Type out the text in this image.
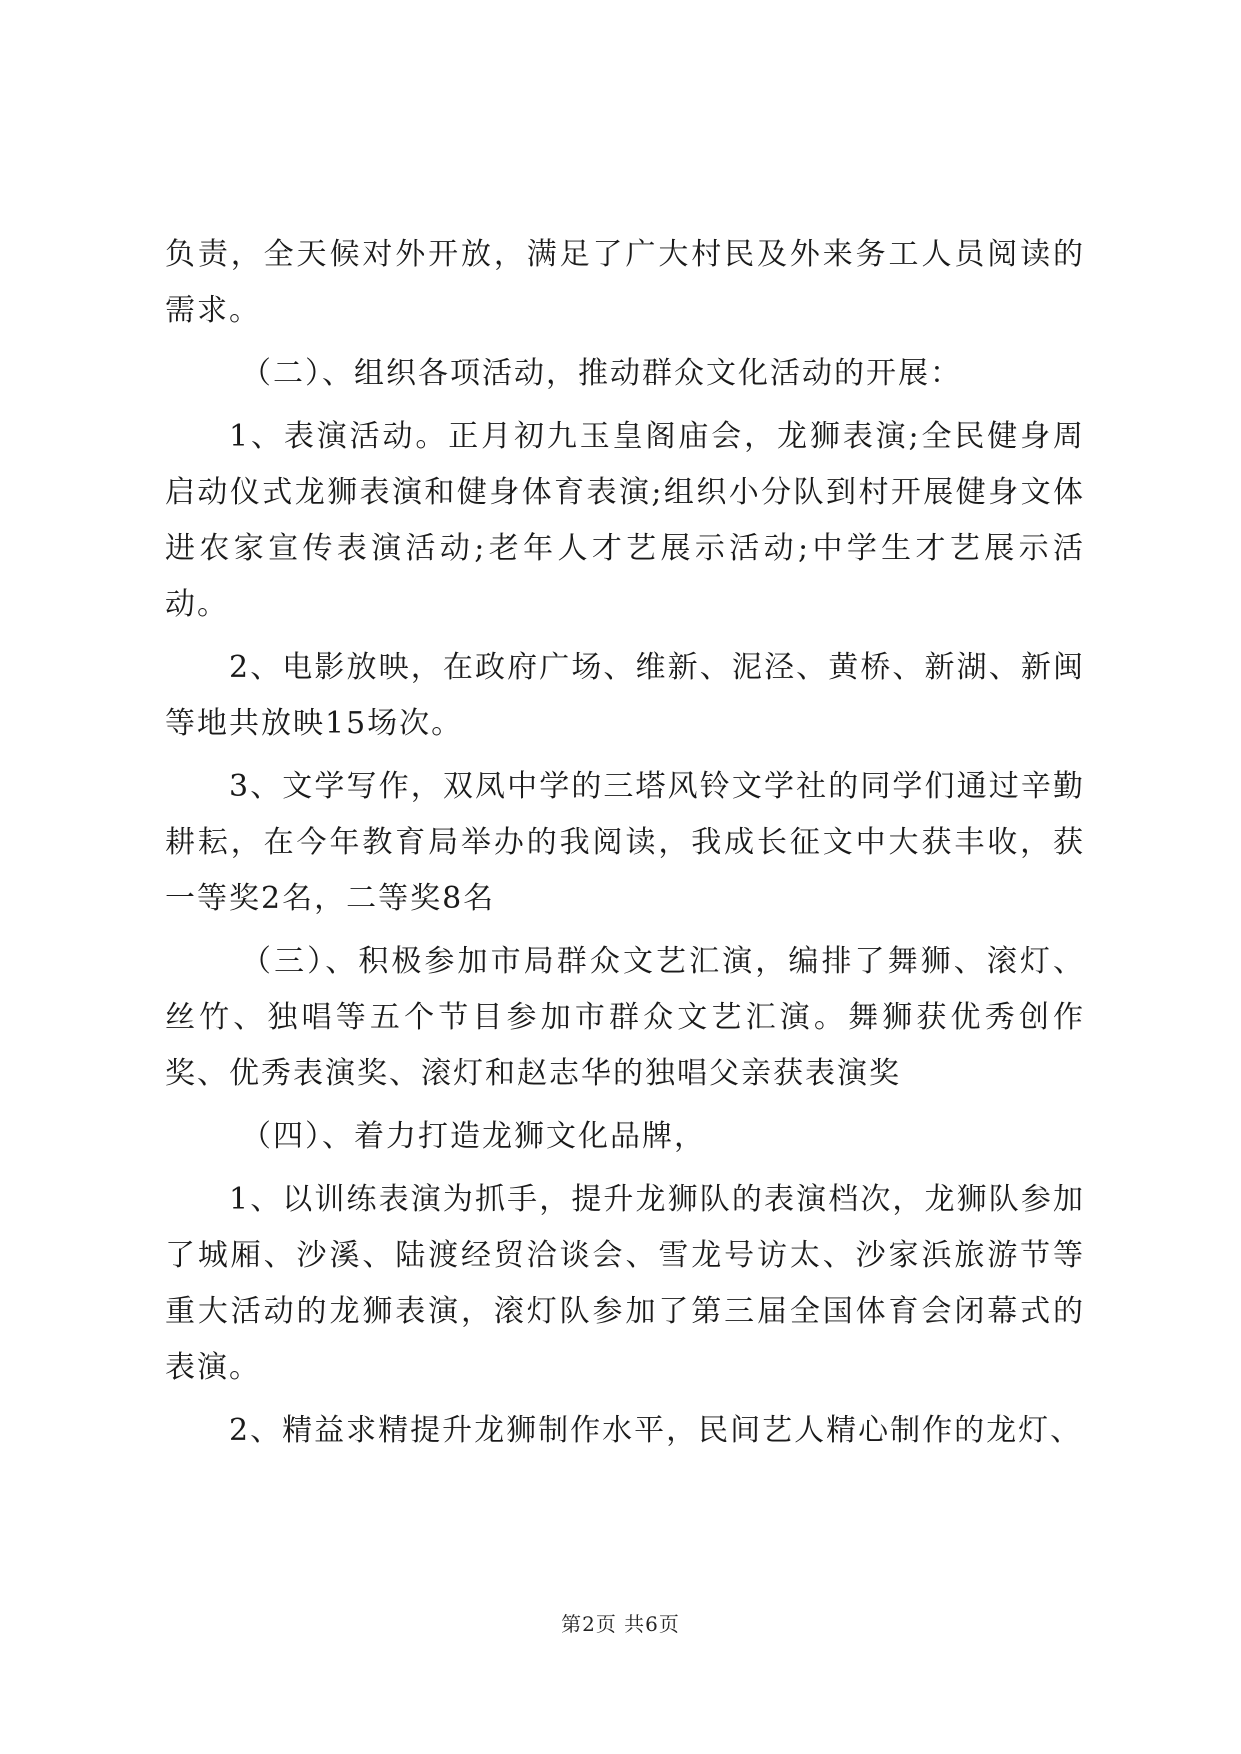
负责，全天候对外开放，满足了广大村民及外来务工人员阅读的需求。

（二）、组织各项活动，推动群众文化活动的开展：

1、表演活动。正月初九玉皇阁庙会，龙狮表演;全民健身周启动仪式龙狮表演和健身体育表演;组织小分队到村开展健身文体进农家宣传表演活动;老年人才艺展示活动;中学生才艺展示活动。

2、电影放映，在政府广场、维新、泥泾、黄桥、新湖、新闽等地共放映15场次。

3、文学写作，双凤中学的三塔风铃文学社的同学们通过辛勤耕耘，在今年教育局举办的我阅读，我成长征文中大获丰收，获一等奖2名，二等奖8名

（三）、积极参加市局群众文艺汇演，编排了舞狮、滚灯、丝竹、独唱等五个节目参加市群众文艺汇演。舞狮获优秀创作奖、优秀表演奖、滚灯和赵志华的独唱父亲获表演奖

（四）、着力打造龙狮文化品牌，

1、以训练表演为抓手，提升龙狮队的表演档次，龙狮队参加了城厢、沙溪、陆渡经贸洽谈会、雪龙号访太、沙家浜旅游节等重大活动的龙狮表演，滚灯队参加了第三届全国体育会闭幕式的表演。

2、精益求精提升龙狮制作水平，民间艺人精心制作的龙灯、

第2页 共6页
